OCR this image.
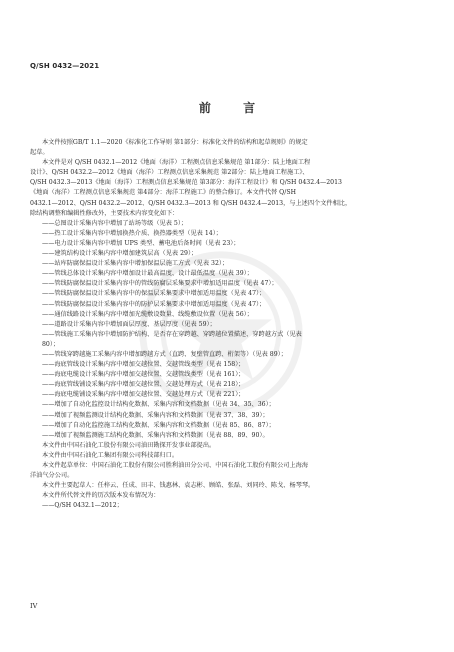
Q/SH 0432—2021
前 言

本文件按照GB/T 1.1—2020《标准化工作导则 第1部分：标准化文件的结构和起草规则》的规定
起草。

本文件是对 Q/SH 0432.1—2012《地面（海洋）工程测点信息采集规范 第1部分：陆上地面工程
设计》、Q/SH 0432.2—2012《地面（海洋）工程测点信息采集规范 第2部分：陆上地面工程施工》、
Q/SH 0432.3—2013《地面（海洋）工程测点信息采集规范 第3部分：海洋工程设计》和 Q/SH 0432.4—2013
《地面（海洋）工程测点信息采集规范 第4部分：海洋工程施工》的整合修订。本文件代替 Q/SH
0432.1—2012、Q/SH 0432.2—2012、Q/SH 0432.3—2013 和 Q/SH 0432.4—2013，与上述四个文件相比，
除结构调整和编辑性修改外，主要技术内容变化如下：

——总图设计采集内容中增加了站场等级（见表 5）；
——热工设计采集内容中增加换热介质、换热器类型（见表 14）；
——电力设计采集内容中增加 UPS 类型、蓄电池后备时间（见表 23）；
——建筑结构设计采集内容中增加建筑层高（见表 29）；
——站库防腐保温设计采集内容中增加保温层施工方式（见表 32）；
——管线总体设计采集内容中增加设计最高温度、设计最低温度（见表 39）；
——管线防腐保温设计采集内容中的管线防腐层采集要求中增加适用温度（见表 47）；
——管线防腐保温设计采集内容中的保温层采集要求中增加适用温度（见表 47）；
——管线防腐保温设计采集内容中的防护层采集要求中增加适用温度（见表 47）；
——通信线路设计采集内容中增加光缆敷设数量、线缆敷设位置（见表 56）；
——道路设计采集内容中增加面层厚度、基层厚度（见表 59）；
——管线施工采集内容中增加防护结构、是否存在穿跨越、穿跨越位置描述、穿跨越方式（见表
80）；
——管线穿跨越施工采集内容中增加跨越方式（直跨、复壁管直跨、桁架等）（见表 89）；
——海底管线设计采集内容中增加交越位置、交越管线类型（见表 158）；
——海底电缆设计采集内容中增加交越位置、交越管线类型（见表 161）；
——海底管线铺设采集内容中增加交越位置、交越处理方式（见表 218）；
——海底电缆铺设采集内容中增加交越位置、交越处理方式（见表 221）；
——增加了自动化监控设计结构化数据、采集内容和文档数据（见表 34、35、36）；
——增加了视频监测设计结构化数据、采集内容和文档数据（见表 37、38、39）；
——增加了自动化监控施工结构化数据、采集内容和文档数据（见表 85、86、87）；
——增加了视频监测施工结构化数据、采集内容和文档数据（见表 88、89、90）。

本文件由中国石油化工股份有限公司油田勘探开发事业部提出。

本文件由中国石油化工集团有限公司科技部归口。

本文件起草单位：中国石油化工股份有限公司胜利油田分公司、中国石油化工股份有限公司上海海
洋油气分公司。

本文件主要起草人：任梓云、任成、田丰、钱惠林、袁志彬、顾皓、张磊、刘同玲、陈戈、杨琴琴。

本文件所代替文件的历次版本发布情况为：

——Q/SH 0432.1—2012；
IV
